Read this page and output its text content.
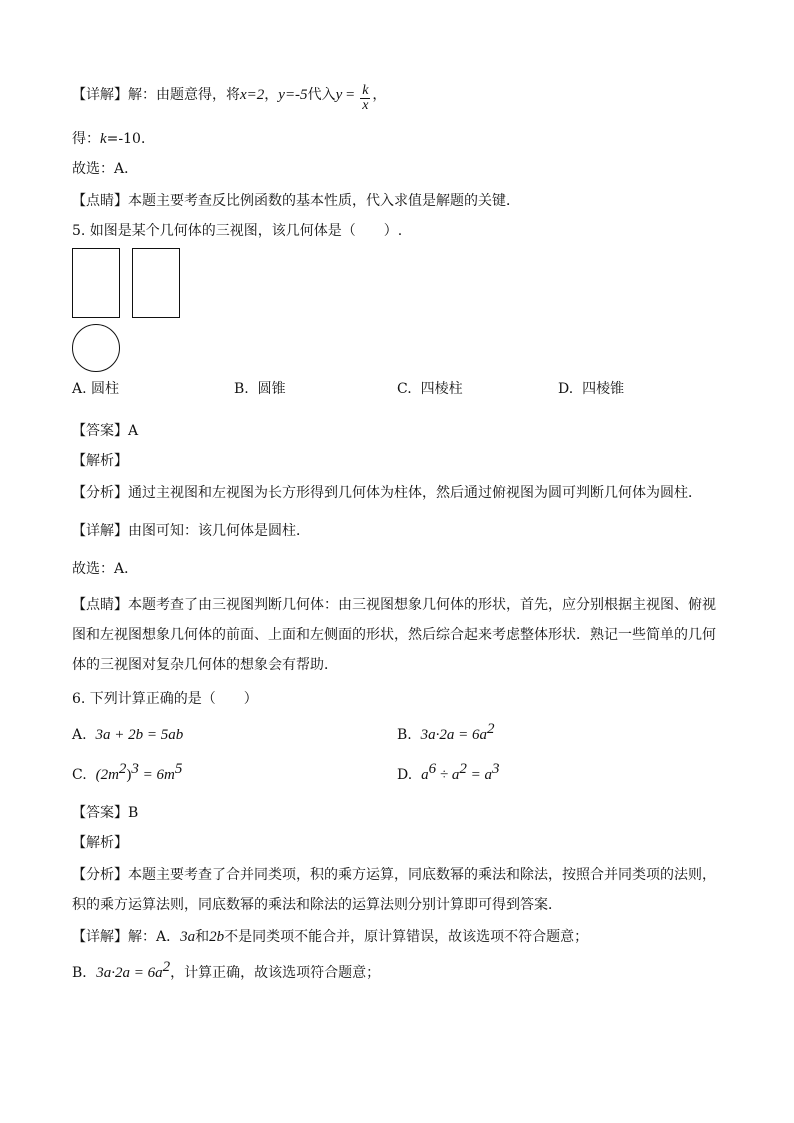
【详解】解：由题意得，将x=2，y=-5代入$y = \frac{k}{x}$ ，
得：k=-10．
故选：A．
【点睛】本题主要考查反比例函数的基本性质，代入求值是解题的关键．
5. 如图是某个几何体的三视图，该几何体是（　　）.
A. 圆柱	B. 圆锥	C. 四棱柱	D. 四棱锥
【答案】A
【解析】
【分析】通过主视图和左视图为长方形得到几何体为柱体，然后通过俯视图为圆可判断几何体为圆柱．
【详解】由图可知：该几何体是圆柱．
故选：A．
【点睛】本题考查了由三视图判断几何体：由三视图想象几何体的形状，首先，应分别根据主视图、俯视
图和左视图想象几何体的前面、上面和左侧面的形状，然后综合起来考虑整体形状．熟记一些简单的几何
体的三视图对复杂几何体的想象会有帮助．
6. 下列计算正确的是（　　）
A. 3a + 2b = 5ab	B. $3a\cdot 2a = 6a^2$
C. $(2m^2)^3 = 6m^5$	D. $a^6 \div a^2 = a^3$
【答案】B
【解析】
【分析】本题主要考查了合并同类项，积的乘方运算，同底数幂的乘法和除法，按照合并同类项的法则，
积的乘方运算法则，同底数幂的乘法和除法的运算法则分别计算即可得到答案．
【详解】解：A．3a和2b不是同类项不能合并，原计算错误，故该选项不符合题意；
B．$3a\cdot 2a = 6a^2$，计算正确，故该选项符合题意；
